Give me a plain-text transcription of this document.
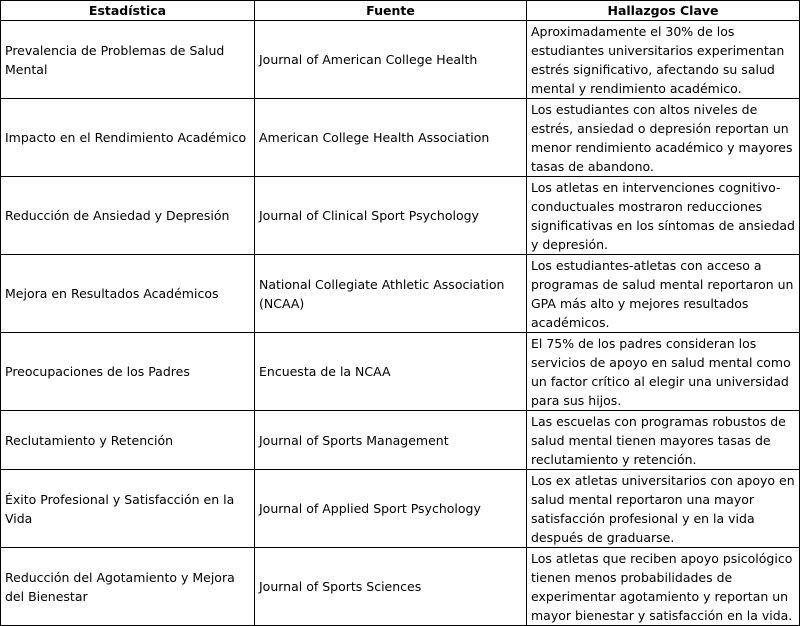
Estadística	Fuente	Hallazgos Clave
Prevalencia de Problemas de Salud Mental	Journal of American College Health	Aproximadamente el 30% de los estudiantes universitarios experimentan estrés significativo, afectando su salud mental y rendimiento académico.
Impacto en el Rendimiento Académico	American College Health Association	Los estudiantes con altos niveles de estrés, ansiedad o depresión reportan un menor rendimiento académico y mayores tasas de abandono.
Reducción de Ansiedad y Depresión	Journal of Clinical Sport Psychology	Los atletas en intervenciones cognitivo-conductuales mostraron reducciones significativas en los síntomas de ansiedad y depresión.
Mejora en Resultados Académicos	National Collegiate Athletic Association (NCAA)	Los estudiantes-atletas con acceso a programas de salud mental reportaron un GPA más alto y mejores resultados académicos.
Preocupaciones de los Padres	Encuesta de la NCAA	El 75% de los padres consideran los servicios de apoyo en salud mental como un factor crítico al elegir una universidad para sus hijos.
Reclutamiento y Retención	Journal of Sports Management	Las escuelas con programas robustos de salud mental tienen mayores tasas de reclutamiento y retención.
Éxito Profesional y Satisfacción en la Vida	Journal of Applied Sport Psychology	Los ex atletas universitarios con apoyo en salud mental reportaron una mayor satisfacción profesional y en la vida después de graduarse.
Reducción del Agotamiento y Mejora del Bienestar	Journal of Sports Sciences	Los atletas que reciben apoyo psicológico tienen menos probabilidades de experimentar agotamiento y reportan un mayor bienestar y satisfacción en la vida.
